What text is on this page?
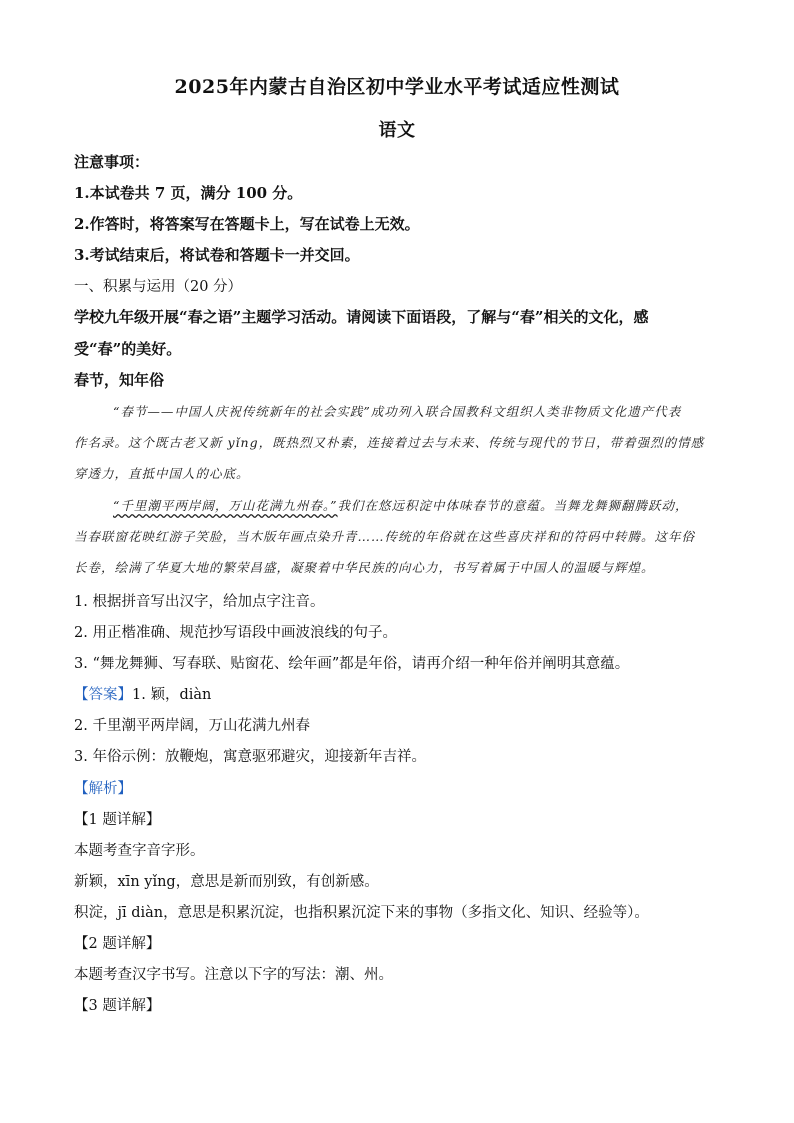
2025年内蒙古自治区初中学业水平考试适应性测试
语文
注意事项：
1.本试卷共 7 页，满分 100 分。
2.作答时，将答案写在答题卡上，写在试卷上无效。
3.考试结束后，将试卷和答题卡一并交回。
一、积累与运用（20 分）
学校九年级开展“春之语”主题学习活动。请阅读下面语段，了解与“春”相关的文化，感
受“春”的美好。
春节，知年俗
“春节——中国人庆祝传统新年的社会实践”成功列入联合国教科文组织人类非物质文化遗产代表
作名录。这个既古老又新 yǐng，既热烈又朴素，连接着过去与未来、传统与现代的节日，带着强烈的情感
穿透力，直抵中国人的心底。
“千里潮平两岸阔，万山花满九州春。”我们在悠远积淀中体味春节的意蕴。当舞龙舞狮翻腾跃动，
当春联窗花映红游子笑脸，当木版年画点染升青……传统的年俗就在这些喜庆祥和的符码中转腾。这年俗
长卷，绘满了华夏大地的繁荣昌盛，凝聚着中华民族的向心力，书写着属于中国人的温暖与辉煌。
1. 根据拼音写出汉字，给加点字注音。
2. 用正楷准确、规范抄写语段中画波浪线的句子。
3. “舞龙舞狮、写春联、贴窗花、绘年画”都是年俗，请再介绍一种年俗并阐明其意蕴。
【答案】1. 颖，diàn
2. 千里潮平两岸阔，万山花满九州春
3. 年俗示例：放鞭炮，寓意驱邪避灾，迎接新年吉祥。
【解析】
【1 题详解】
本题考查字音字形。
新颖，xīn yǐng，意思是新而别致，有创新感。
积淀，jī diàn，意思是积累沉淀，也指积累沉淀下来的事物（多指文化、知识、经验等）。
【2 题详解】
本题考查汉字书写。注意以下字的写法：潮、州。
【3 题详解】
